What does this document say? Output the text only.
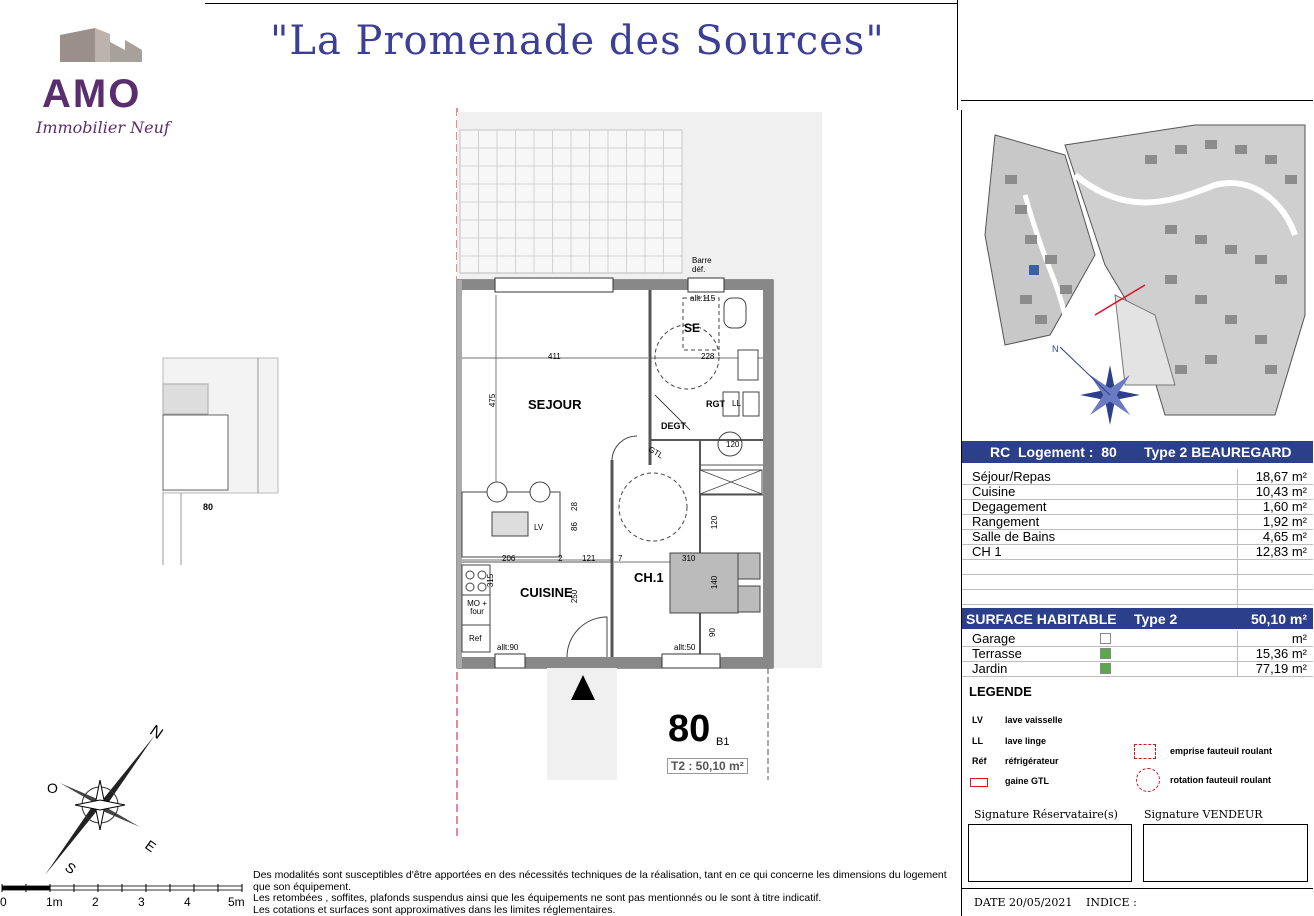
"La Promenade des Sources"
AMO
Immobilier Neuf
SEJOUR
CUISINE
CH.1
SE
RGT
DEGT
Barre déf.
LV
LL
MO + four
Ref
allt:90	allt:50
allt:115
411
475
206	2 121	7	310
140
120
90
315
250
228
120
86
28
GTL
80 B1
T2 : 50,10 m²
80
N
E
S
O
0	1m 2	3	4	5m
Des modalités sont susceptibles d'être apportées en des nécessités techniques de la réalisation, tant en ce qui concerne les dimensions du logement que son équipement.
Les retombées , soffites, plafonds suspendus ainsi que les équipements ne sont pas mentionnés ou le sont à titre indicatif.
Les cotations et surfaces sont approximatives dans les limites réglementaires.
N
RC  Logement :  80 Type 2 BEAUREGARD
Séjour/Repas	18,67 m²
Cuisine	10,43 m²
Degagement	1,60 m²
Rangement	1,92 m²
Salle de Bains	4,65 m²
CH 1	12,83 m²
SURFACE HABITABLE Type 2	50,10 m²
Garage	m²
Terrasse	15,36 m²
Jardin	77,19 m²
LEGENDE
LV lave vaisselle
LL lave linge
Réf réfrigérateur
gaine GTL
emprise fauteuil roulant
rotation fauteuil roulant
Signature Réservataire(s) Signature VENDEUR
DATE 20/05/2021 INDICE :
